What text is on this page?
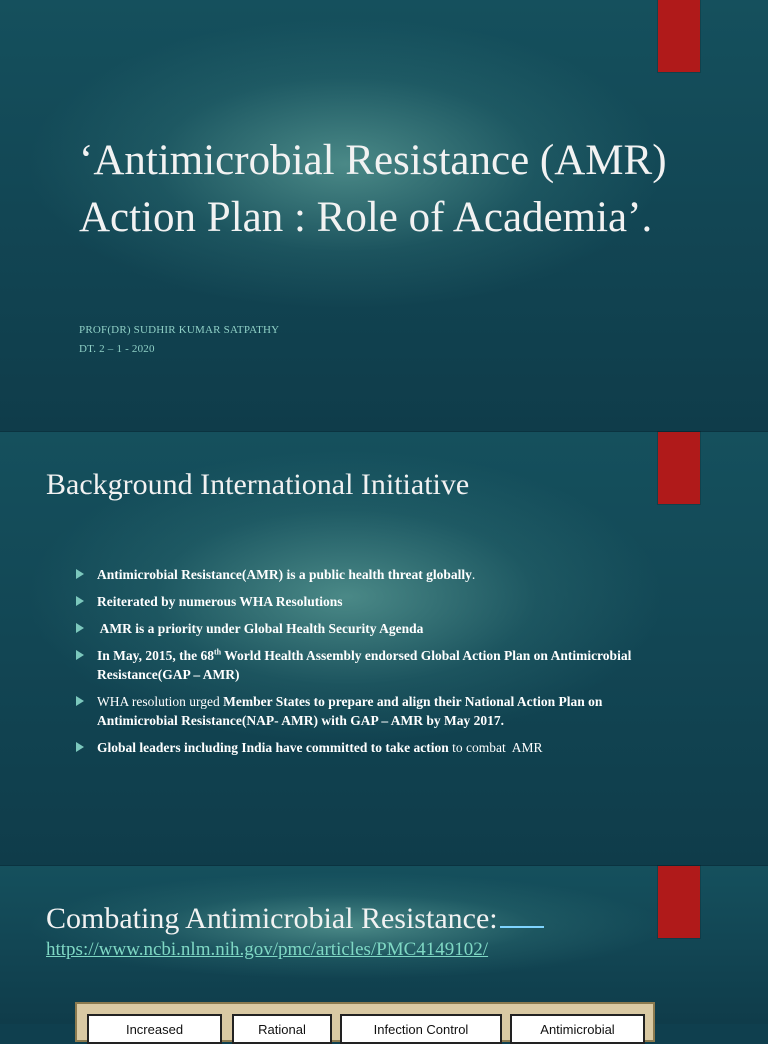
‘Antimicrobial Resistance (AMR) Action Plan : Role of Academia’.
PROF(DR) SUDHIR KUMAR SATPATHY
DT. 2 – 1 - 2020
Background International Initiative
Antimicrobial Resistance(AMR) is a public health threat globally.
Reiterated by numerous WHA Resolutions
AMR is a priority under Global Health Security Agenda
In May, 2015, the 68th World Health Assembly endorsed Global Action Plan on Antimicrobial Resistance(GAP – AMR)
WHA resolution urged Member States to prepare and align their National Action Plan on Antimicrobial Resistance(NAP- AMR) with GAP – AMR by May 2017.
Global leaders including India have committed to take action to combat  AMR
Combating Antimicrobial Resistance:
https://www.ncbi.nlm.nih.gov/pmc/articles/PMC4149102/
Increased	Rational	Infection Control	Antimicrobial
